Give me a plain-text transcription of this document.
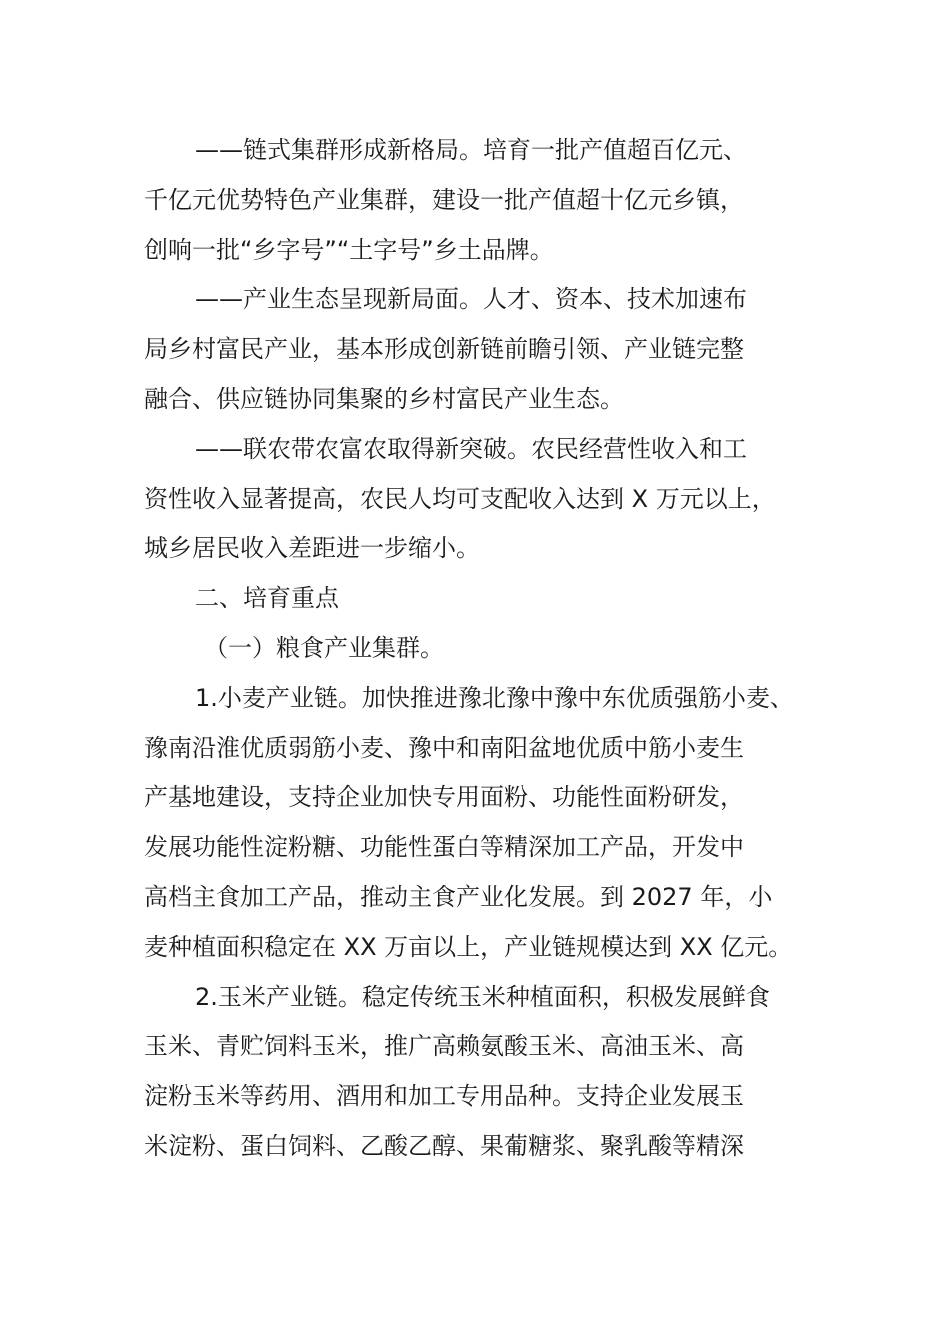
——链式集群形成新格局。培育一批产值超百亿元、
千亿元优势特色产业集群，建设一批产值超十亿元乡镇，
创响一批“乡字号”“土字号”乡土品牌。
——产业生态呈现新局面。人才、资本、技术加速布
局乡村富民产业，基本形成创新链前瞻引领、产业链完整
融合、供应链协同集聚的乡村富民产业生态。
——联农带农富农取得新突破。农民经营性收入和工
资性收入显著提高，农民人均可支配收入达到 X 万元以上，
城乡居民收入差距进一步缩小。
二、培育重点
（一）粮食产业集群。
1.小麦产业链。加快推进豫北豫中豫中东优质强筋小麦、
豫南沿淮优质弱筋小麦、豫中和南阳盆地优质中筋小麦生
产基地建设，支持企业加快专用面粉、功能性面粉研发，
发展功能性淀粉糖、功能性蛋白等精深加工产品，开发中
高档主食加工产品，推动主食产业化发展。到 2027 年，小
麦种植面积稳定在 XX 万亩以上，产业链规模达到 XX 亿元。
2.玉米产业链。稳定传统玉米种植面积，积极发展鲜食
玉米、青贮饲料玉米，推广高赖氨酸玉米、高油玉米、高
淀粉玉米等药用、酒用和加工专用品种。支持企业发展玉
米淀粉、蛋白饲料、乙酸乙醇、果葡糖浆、聚乳酸等精深
